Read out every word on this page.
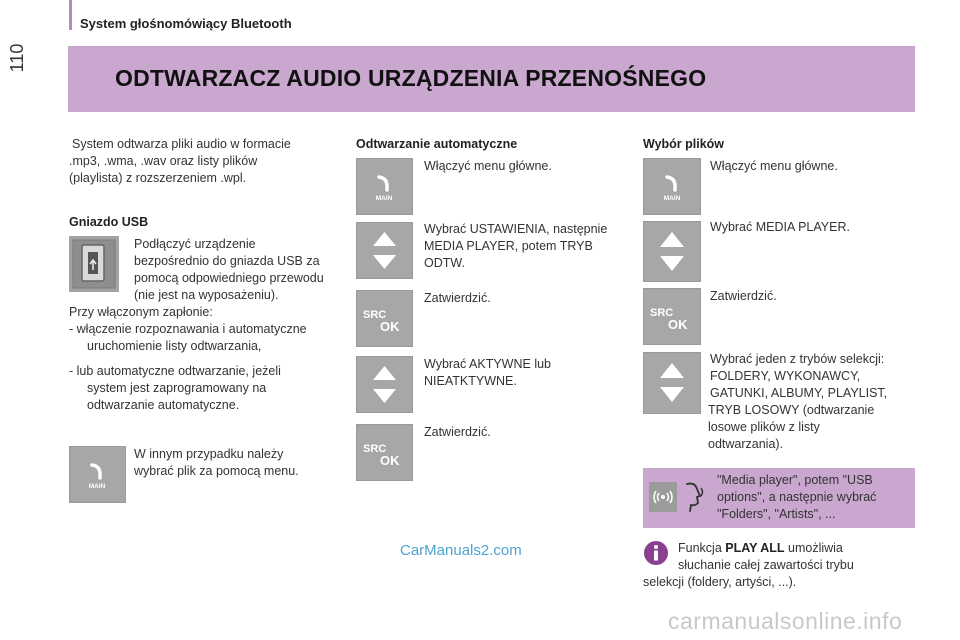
110
System głośnomówiący Bluetooth
ODTWARZACZ AUDIO URZĄDZENIA PRZENOŚNEGO
System odtwarza pliki audio w formacie
.mp3, .wma, .wav oraz listy plików
(playlista) z rozszerzeniem .wpl.
Gniazdo USB
Podłączyć urządzenie
bezpośrednio do gniazda USB za
pomocą odpowiedniego przewodu
(nie jest na wyposażeniu).
Przy włączonym zapłonie:
- włączenie rozpoznawania i automatyczne
uruchomienie listy odtwarzania,
- lub automatyczne odtwarzanie, jeżeli
system jest zaprogramowany na
odtwarzanie automatyczne.
MAIN
W innym przypadku należy
wybrać plik za pomocą menu.
Odtwarzanie automatyczne
MAIN
Włączyć menu główne.
Wybrać USTAWIENIA, następnie
MEDIA PLAYER, potem TRYB
ODTW.
SRC
OK
Zatwierdzić.
Wybrać AKTYWNE lub
NIEATKTYWNE.
SRC
OK
Zatwierdzić.
Wybór plików
MAIN
Włączyć menu główne.
Wybrać MEDIA PLAYER.
SRC
OK
Zatwierdzić.
Wybrać jeden z trybów selekcji:
FOLDERY, WYKONAWCY,
GATUNKI, ALBUMY, PLAYLIST,
TRYB LOSOWY (odtwarzanie
losowe plików z listy
odtwarzania).
"Media player", potem "USB
options", a następnie wybrać
"Folders", "Artists", ...
Funkcja PLAY ALL umożliwia
słuchanie całej zawartości trybu
selekcji (foldery, artyści, ...).
CarManuals2.com
carmanualsonline.info
